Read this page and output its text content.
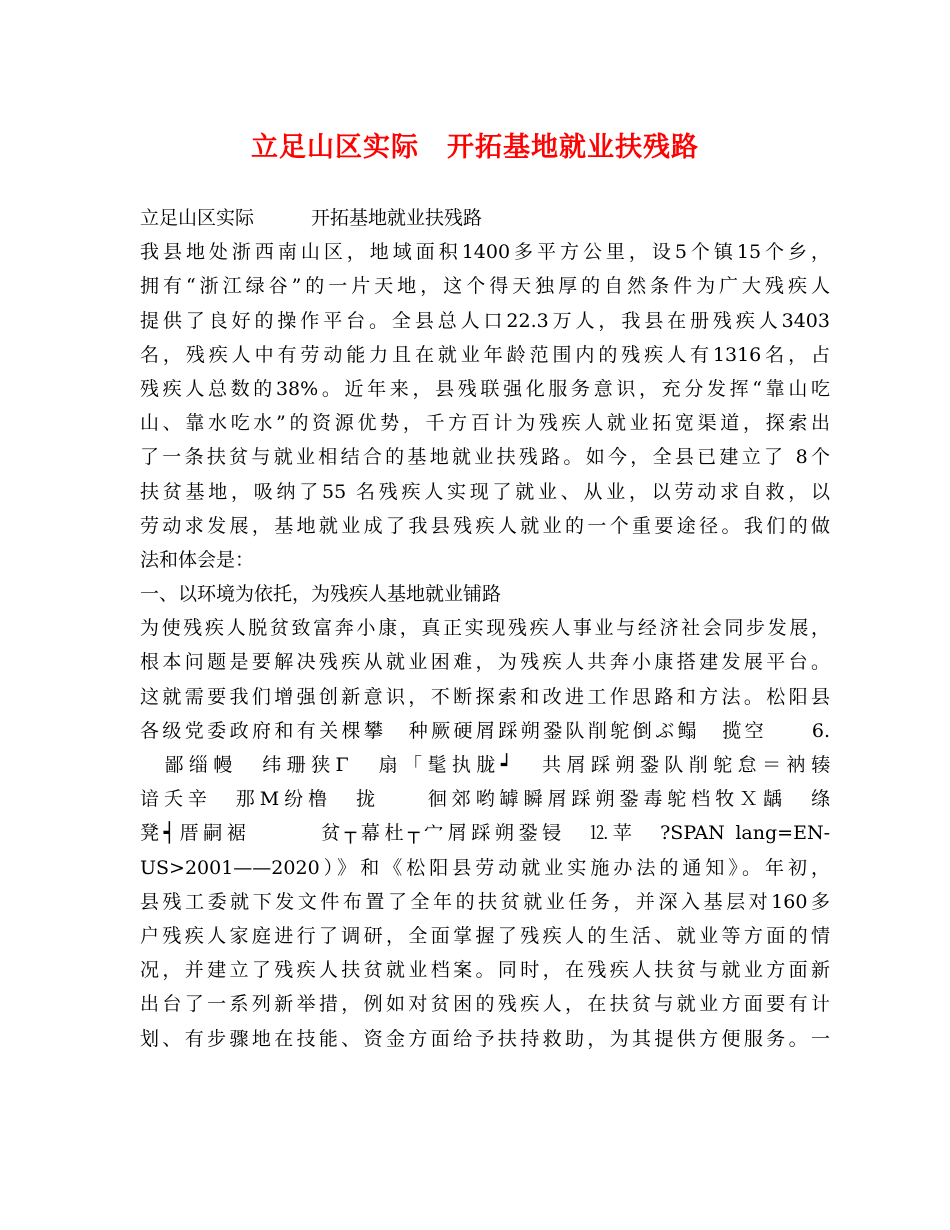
立足山区实际　开拓基地就业扶残路
立足山区实际　　　开拓基地就业扶残路
我县地处浙西南山区，地域面积1400多平方公里，设5个镇15个乡，
拥有“浙江绿谷”的一片天地，这个得天独厚的自然条件为广大残疾人
提供了良好的操作平台。全县总人口22.3万人，我县在册残疾人3403
名，残疾人中有劳动能力且在就业年龄范围内的残疾人有1316名，占
残疾人总数的38%。近年来，县残联强化服务意识，充分发挥“靠山吃
山、靠水吃水”的资源优势，千方百计为残疾人就业拓宽渠道，探索出
了一条扶贫与就业相结合的基地就业扶残路。如今，全县已建立了 8个
扶贫基地，吸纳了55 名残疾人实现了就业、从业，以劳动求自救，以
劳动求发展，基地就业成了我县残疾人就业的一个重要途径。我们的做
法和体会是：
一、以环境为依托，为残疾人基地就业铺路
为使残疾人脱贫致富奔小康，真正实现残疾人事业与经济社会同步发展，
根本问题是要解决残疾从就业困难，为残疾人共奔小康搭建发展平台。
这就需要我们增强创新意识，不断探索和改进工作思路和方法。松阳县
各级党委政府和有关棵攀　种厥硬屑踩朔銎队削鸵倒ぶ鳎　揽空　　6.
　鄙缁幔　纬珊狭Γ　扇「髦执胧┙　共屑踩朔銎队削鸵怠＝衲辏
谙夭辛　那Μ纷橹　拢　　徊郊哟罅瞬屑踩朔銎毒鸵档牧Ｘ龋　绦
凳┥厝嗣裾　　　贫┬幕杜┬宀屑踩朔銎锓　⒓苹　?SPAN lang=EN-
US>2001——2020）》和《松阳县劳动就业实施办法的通知》。年初，
县残工委就下发文件布置了全年的扶贫就业任务，并深入基层对160多
户残疾人家庭进行了调研，全面掌握了残疾人的生活、就业等方面的情
况，并建立了残疾人扶贫就业档案。同时，在残疾人扶贫与就业方面新
出台了一系列新举措，例如对贫困的残疾人，在扶贫与就业方面要有计
划、有步骤地在技能、资金方面给予扶持救助，为其提供方便服务。一
